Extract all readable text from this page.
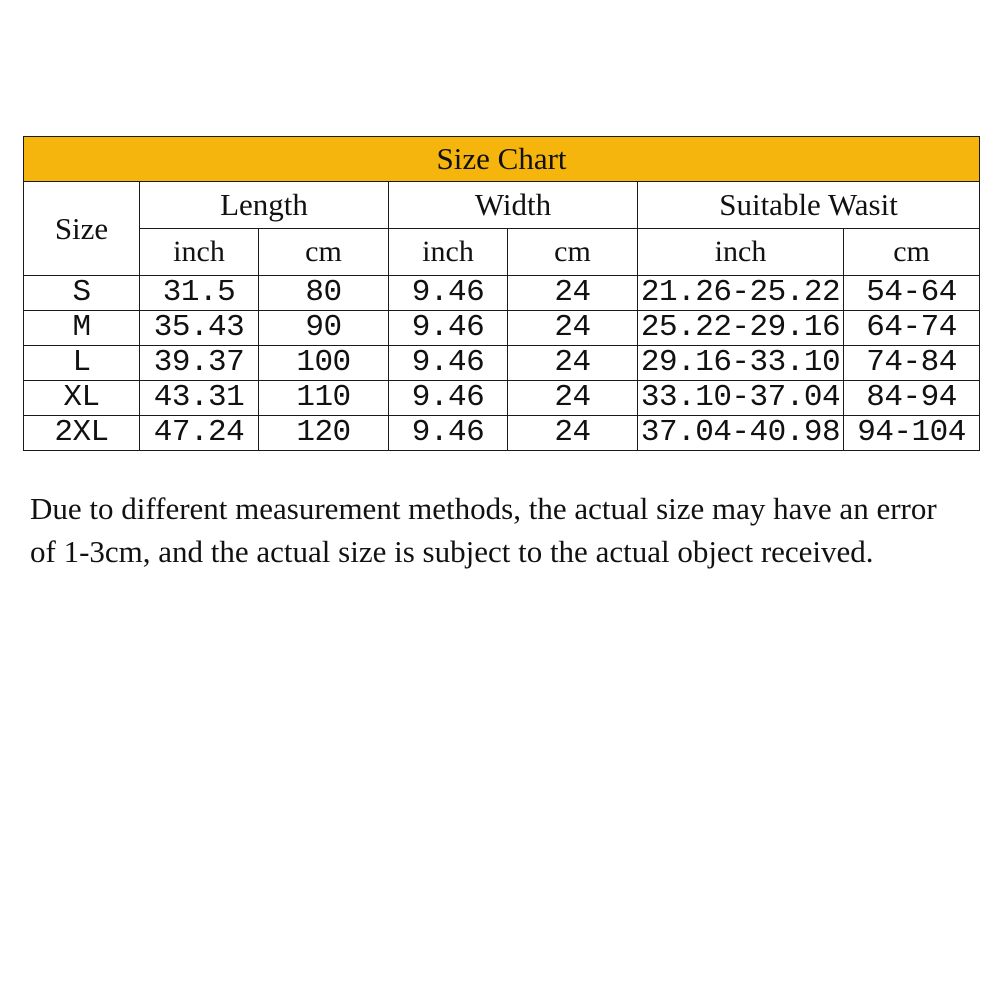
Size Chart						
Size	Length		Width		Suitable Wasit	
	inch	cm	inch	cm	inch	cm
S	31.5	80	9.46	24	21.26-25.22	54-64
M	35.43	90	9.46	24	25.22-29.16	64-74
L	39.37	100	9.46	24	29.16-33.10	74-84
XL	43.31	110	9.46	24	33.10-37.04	84-94
2XL	47.24	120	9.46	24	37.04-40.98	94-104

Due to different measurement methods, the actual size may have an error of 1-3cm, and the actual size is subject to the actual object received.
